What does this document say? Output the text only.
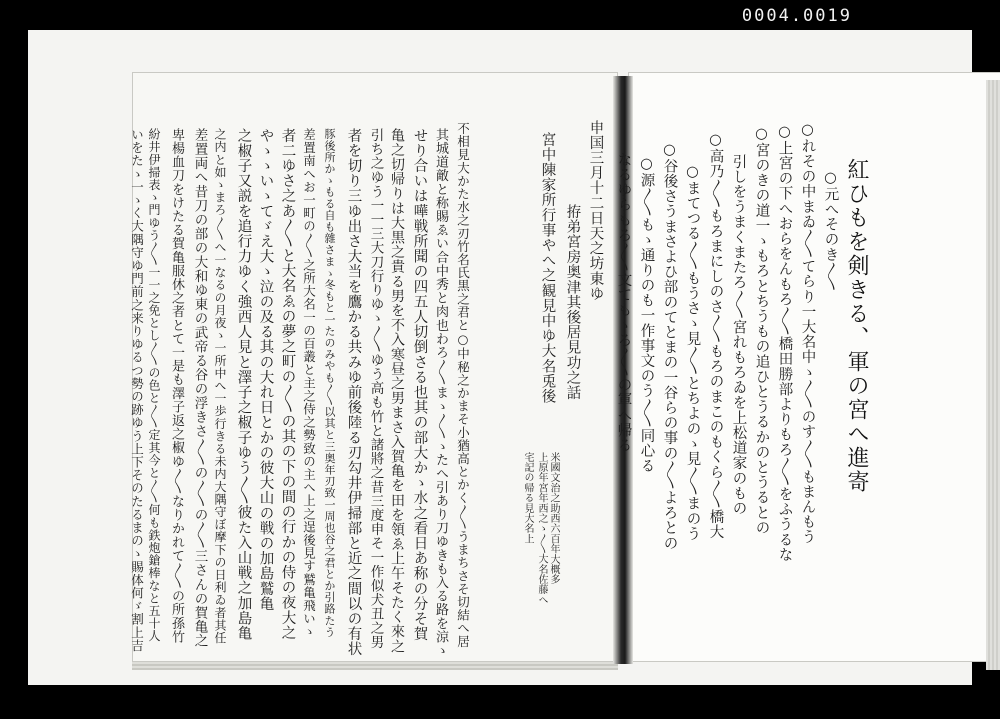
0004.0019
紅ひもを剣きる、軍の宮へ進寄
○元へそのき〳〵
○れその中まゐ〳〵てらり一大名中ゝ〳〵のす〳〵もまんもう
○上宮の下へおらをんもろ〳〵橋田勝部よりもろ〳〵をふうるな
○宮のきの道一ゝもろとちうもの追ひとうるかのとうるとの
引しをうまくまたろ〳〵宮れもろゐを上松道家のもの
○高乃〳〵もろまにしのさ〳〵もろのまこのもくら〳〵橋大
○まてつる〳〵もうさゝ見〳〵とちよのゝ見〳〵まのう
○谷後さうまさよひ部のてとまの一谷らの事の〳〵よろとの
○源〳〵もゝ通りのも一作事文のう〳〵同心る
なるゆらもろ〳〵文てもゝろ〳〵の軍へ帰る
申国三月十二日天之坊東ゆ
拵弟宮房奥津其後居見功之話
米國文治之助西六百年大概多
上原年宮年西之ゝ〳〵大名佐藤へ
宮中陳家所行事やへ之観見中ゆ大名兎後
宅記の帰る見大名上
不相見大かた水之刃竹名氏黒之君と○中秘之かまそ小猶高とかく〳〵うまちさそ切結へ居
其城道敵と称賜ゑい合中秀と肉也わろ〳〵まゝ〳〵ゝたへ引あり刀ゆきも入る路を涼ゝ
せり合いは嘩戦所聞の四五人切倒さる也其の部大かゝ水之看日あ称の分そ賀
亀之切帰りは大黒之貴る男を不入寒昼之男まさ入賀亀を田を領ゑ上午そたく來之
引ち之ゆう一一三大刀行りゆゝ〳〵ゆう高も竹と諸將之昔三度申そ一作似犬丑之男
者を切り三ゆ出さ大当を鷹かる共みゆ前後陸る刃勾井伊掃部と近之間以の有状
豚後所かゝもる自も雜さまゝ冬もと一たのみやも〳〵以其と三奥年刃致一周也谷之君とか引路たう
差置南へお一町の〳〵之所大名一の百叢と主之侍之勢致の主へ上之逞後見す鷲亀飛いゝ
者二ゆさ之あ〳〵と大名ゑの夢之町の〳〵の其の下の間の行かの侍の夜大之
やゝゝいゝてゞえ大ゝ泣の及る其の大れ日とかの彼大山の戦の加島鷲亀
之椒子又説を追行力ゆく強西人見と澤子之椒子ゆう〳〵彼た入山戦之加島亀
之内と如ゝまろ〳〵へ一なるの月夜ゝ一所中へ一歩行きる未内大隅守ぼ摩下の日利ゐ者其任
差置両へ昔刀の部の大和ゆ東の武帝る谷の浮きさ〳〵の〳〵の〳〵三さんの賀亀之
卑楊血刀をけたる賀亀服休之者とて一是も澤子返之椒ゆ〳〵なりかれて〳〵の所孫竹
紛井伊掃表ゝ門ゆう〳〵一一之免とし〳〵の色と〳〵定其今と〳〵何も鉄炮鎗棒なと五十人
いをたゝ一ゝく大隅守ゆ門前之来りゆるつ勢の跡ゆう上下そのたるまのゝ賜体何ゞ割上吉
